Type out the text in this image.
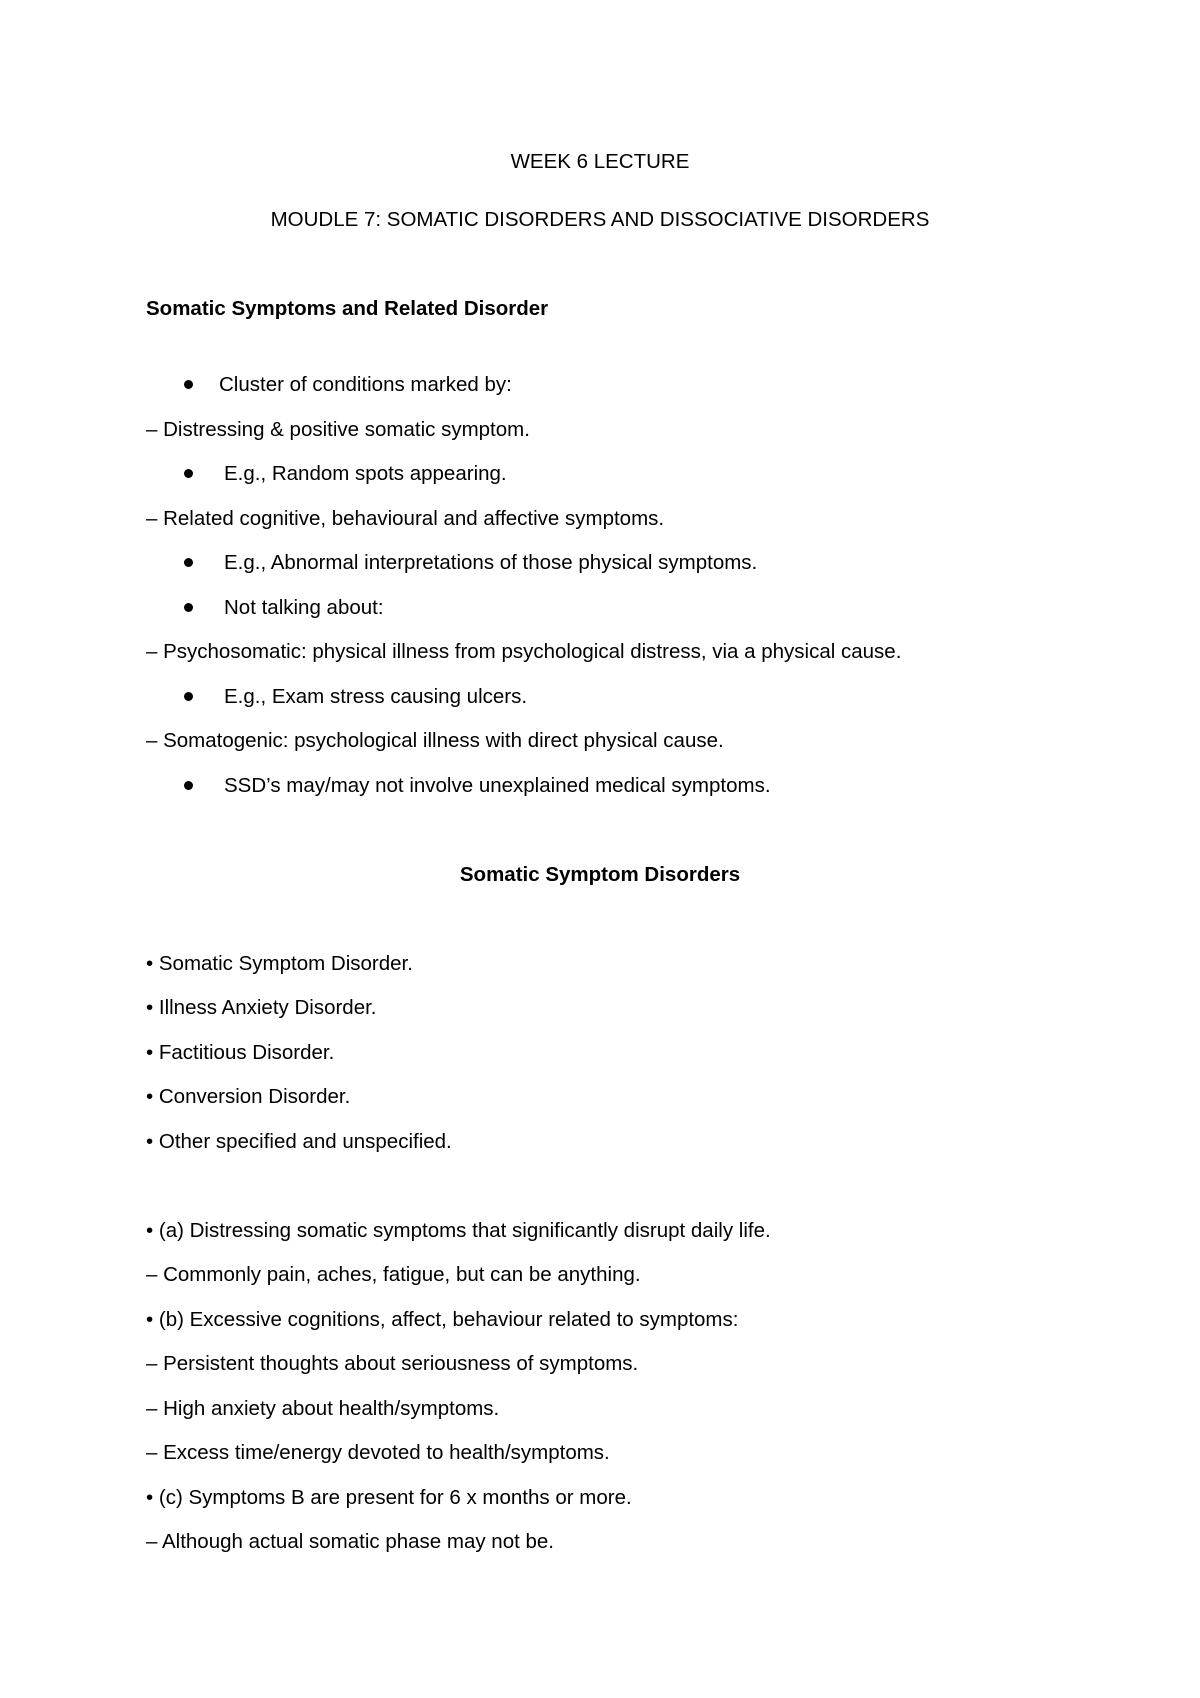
WEEK 6 LECTURE
MOUDLE 7: SOMATIC DISORDERS AND DISSOCIATIVE DISORDERS
Somatic Symptoms and Related Disorder
Cluster of conditions marked by:
– Distressing & positive somatic symptom.
E.g., Random spots appearing.
– Related cognitive, behavioural and affective symptoms.
E.g., Abnormal interpretations of those physical symptoms.
Not talking about:
– Psychosomatic: physical illness from psychological distress, via a physical cause.
E.g., Exam stress causing ulcers.
– Somatogenic: psychological illness with direct physical cause.
SSD’s may/may not involve unexplained medical symptoms.
Somatic Symptom Disorders
• Somatic Symptom Disorder.
• Illness Anxiety Disorder.
• Factitious Disorder.
• Conversion Disorder.
• Other specified and unspecified.
• (a) Distressing somatic symptoms that significantly disrupt daily life.
– Commonly pain, aches, fatigue, but can be anything.
• (b) Excessive cognitions, affect, behaviour related to symptoms:
– Persistent thoughts about seriousness of symptoms.
– High anxiety about health/symptoms.
– Excess time/energy devoted to health/symptoms.
• (c) Symptoms B are present for 6 x months or more.
– Although actual somatic phase may not be.
